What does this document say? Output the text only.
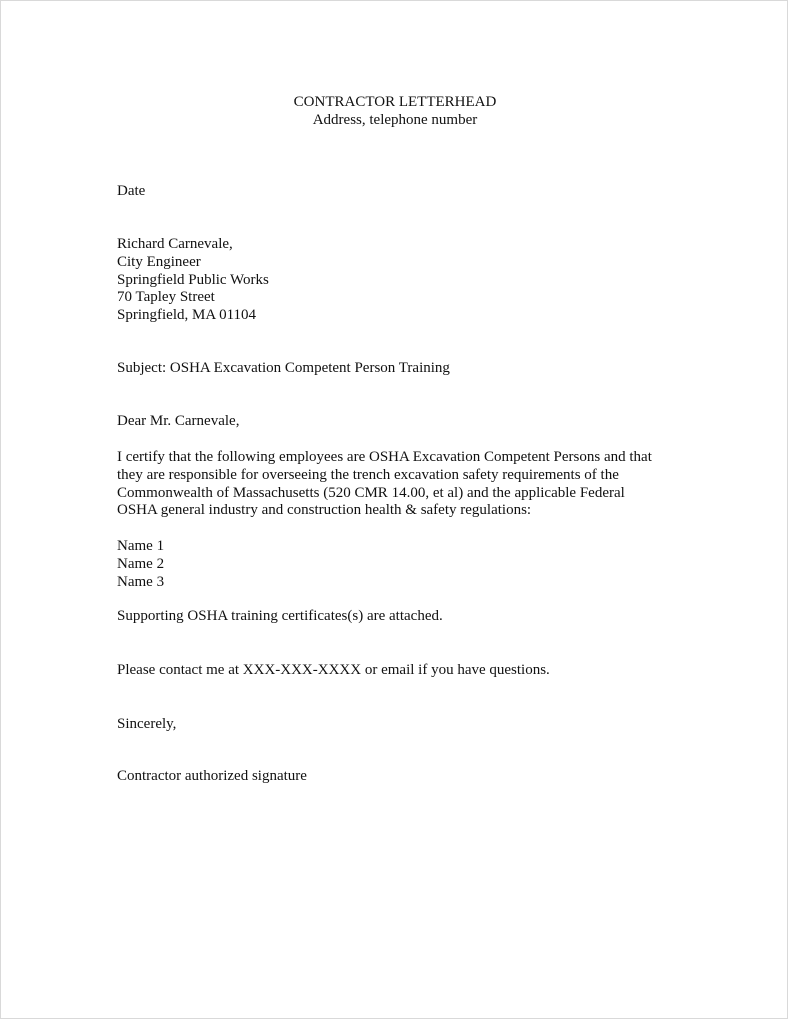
CONTRACTOR LETTERHEAD
Address, telephone number
Date
Richard Carnevale,
City Engineer
Springfield Public Works
70 Tapley Street
Springfield, MA 01104
Subject: OSHA Excavation Competent Person Training
Dear Mr. Carnevale,
I certify that the following employees are OSHA Excavation Competent Persons and that
they are responsible for overseeing the trench excavation safety requirements of the
Commonwealth of Massachusetts (520 CMR 14.00, et al) and the applicable Federal
OSHA general industry and construction health & safety regulations:
Name 1
Name 2
Name 3
Supporting OSHA training certificates(s) are attached.
Please contact me at XXX-XXX-XXXX or email if you have questions.
Sincerely,
Contractor authorized signature
